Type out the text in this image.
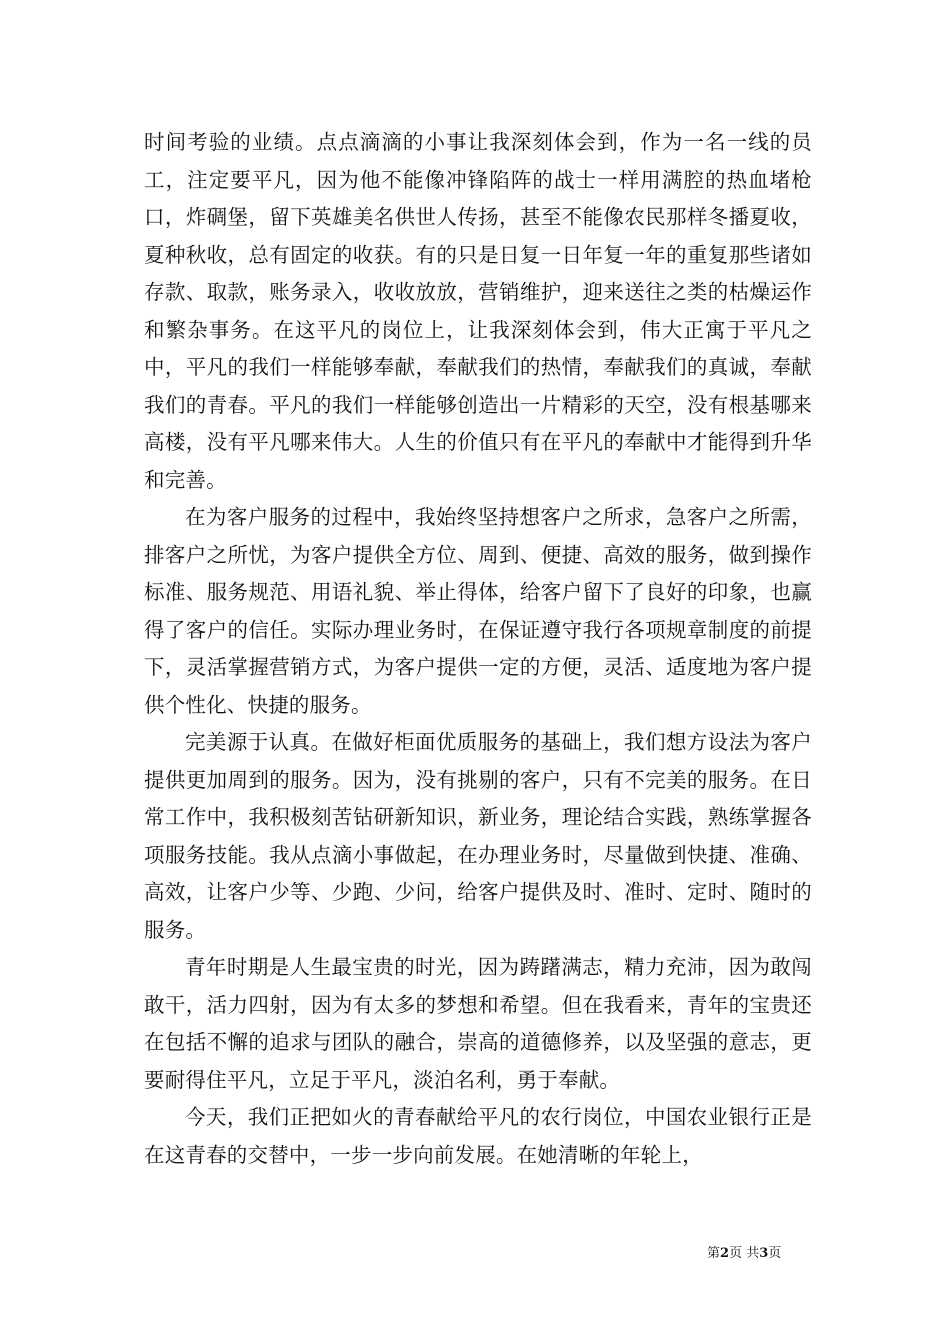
时间考验的业绩。点点滴滴的小事让我深刻体会到，作为一名一线的员工，注定要平凡，因为他不能像冲锋陷阵的战士一样用满腔的热血堵枪口，炸碉堡，留下英雄美名供世人传扬，甚至不能像农民那样冬播夏收，夏种秋收，总有固定的收获。有的只是日复一日年复一年的重复那些诸如存款、取款，账务录入，收收放放，营销维护，迎来送往之类的枯燥运作和繁杂事务。在这平凡的岗位上，让我深刻体会到，伟大正寓于平凡之中，平凡的我们一样能够奉献，奉献我们的热情，奉献我们的真诚，奉献我们的青春。平凡的我们一样能够创造出一片精彩的天空，没有根基哪来高楼，没有平凡哪来伟大。人生的价值只有在平凡的奉献中才能得到升华和完善。

在为客户服务的过程中，我始终坚持想客户之所求，急客户之所需，排客户之所忧，为客户提供全方位、周到、便捷、高效的服务，做到操作标准、服务规范、用语礼貌、举止得体，给客户留下了良好的印象，也赢得了客户的信任。实际办理业务时，在保证遵守我行各项规章制度的前提下，灵活掌握营销方式，为客户提供一定的方便，灵活、适度地为客户提供个性化、快捷的服务。

完美源于认真。在做好柜面优质服务的基础上，我们想方设法为客户提供更加周到的服务。因为，没有挑剔的客户，只有不完美的服务。在日常工作中，我积极刻苦钻研新知识，新业务，理论结合实践，熟练掌握各项服务技能。我从点滴小事做起，在办理业务时，尽量做到快捷、准确、高效，让客户少等、少跑、少问，给客户提供及时、准时、定时、随时的服务。

青年时期是人生最宝贵的时光，因为踌躇满志，精力充沛，因为敢闯敢干，活力四射，因为有太多的梦想和希望。但在我看来，青年的宝贵还在包括不懈的追求与团队的融合，崇高的道德修养，以及坚强的意志，更要耐得住平凡，立足于平凡，淡泊名利，勇于奉献。

今天，我们正把如火的青春献给平凡的农行岗位，中国农业银行正是在这青春的交替中，一步一步向前发展。在她清晰的年轮上，

第2页 共3页
